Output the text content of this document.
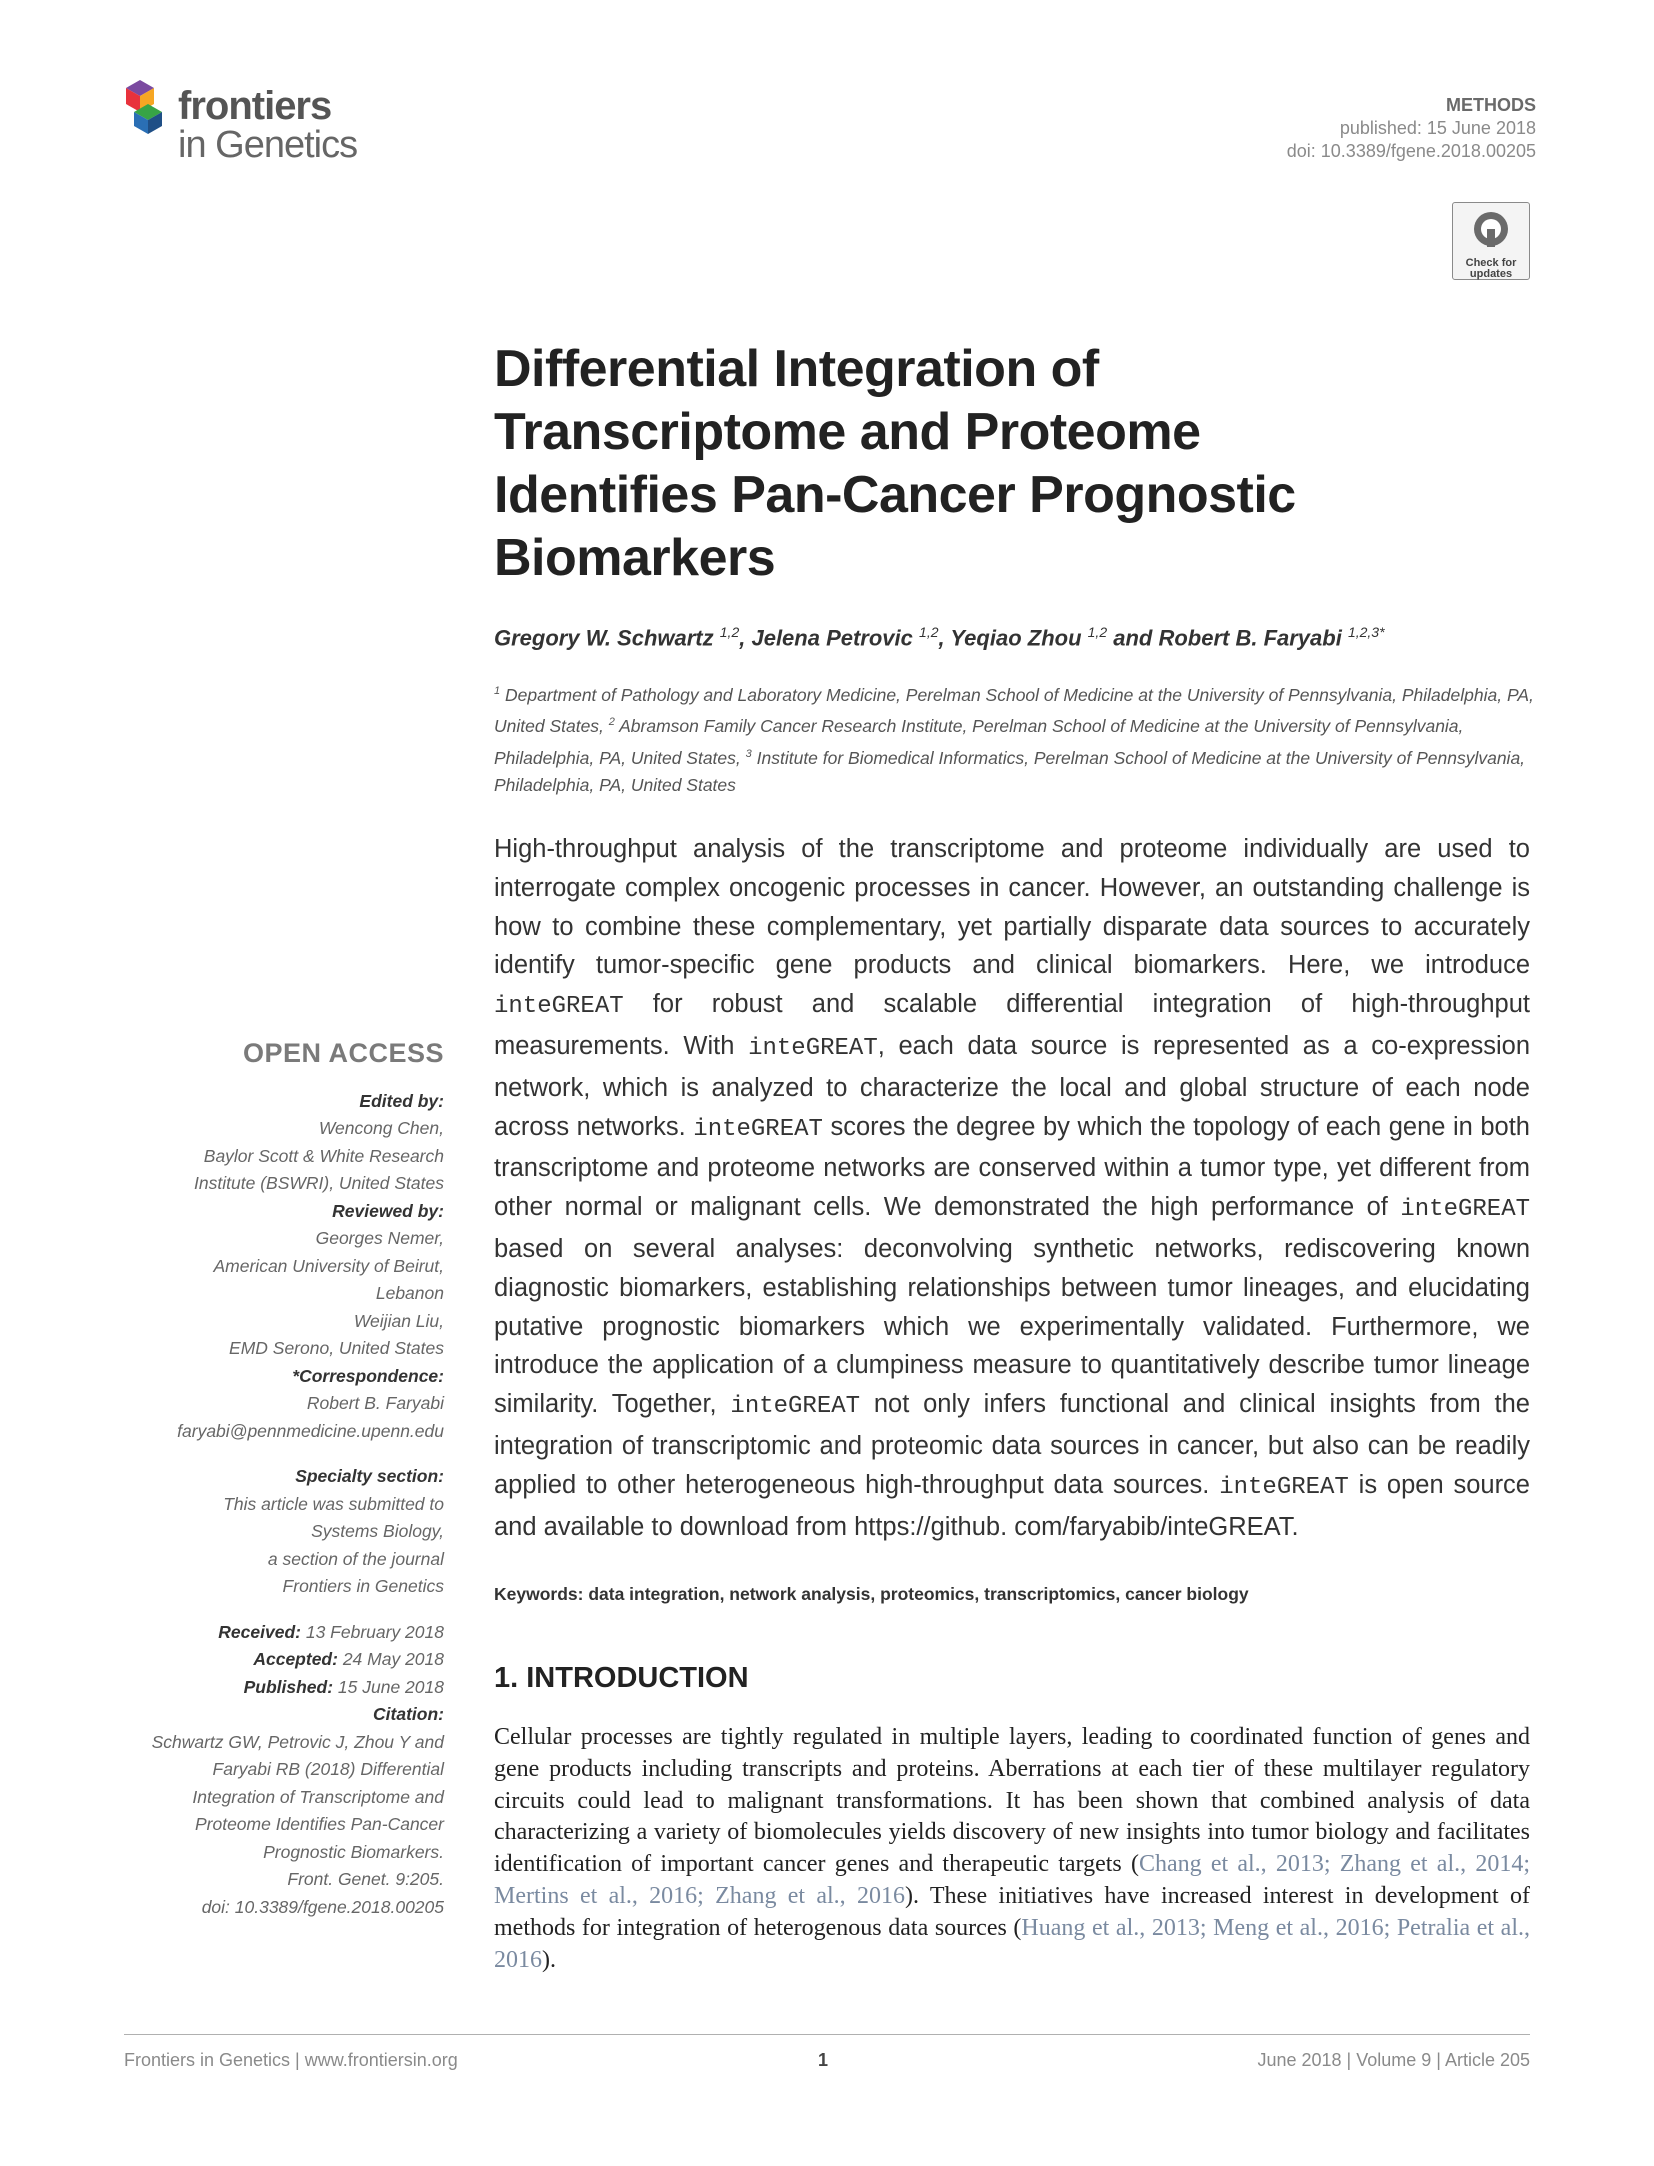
frontiers
in Genetics
METHODS
published: 15 June 2018
doi: 10.3389/fgene.2018.00205
Check for
updates
Differential Integration of
Transcriptome and Proteome
Identifies Pan-Cancer Prognostic
Biomarkers
Gregory W. Schwartz $^{1,2}$, Jelena Petrovic $^{1,2}$, Yeqiao Zhou $^{1,2}$ and Robert B. Faryabi $^{1,2,3*}$
$^1$ Department of Pathology and Laboratory Medicine, Perelman School of Medicine at the University of Pennsylvania, Philadelphia, PA, United States, $^2$ Abramson Family Cancer Research Institute, Perelman School of Medicine at the University of Pennsylvania, Philadelphia, PA, United States, $^3$ Institute for Biomedical Informatics, Perelman School of Medicine at the University of Pennsylvania, Philadelphia, PA, United States

High-throughput analysis of the transcriptome and proteome individually are used to interrogate complex oncogenic processes in cancer. However, an outstanding challenge is how to combine these complementary, yet partially disparate data sources to accurately identify tumor-specific gene products and clinical biomarkers. Here, we introduce inteGREAT for robust and scalable differential integration of high-throughput measurements. With inteGREAT, each data source is represented as a co-expression network, which is analyzed to characterize the local and global structure of each node across networks. inteGREAT scores the degree by which the topology of each gene in both transcriptome and proteome networks are conserved within a tumor type, yet different from other normal or malignant cells. We demonstrated the high performance of inteGREAT based on several analyses: deconvolving synthetic networks, rediscovering known diagnostic biomarkers, establishing relationships between tumor lineages, and elucidating putative prognostic biomarkers which we experimentally validated. Furthermore, we introduce the application of a clumpiness measure to quantitatively describe tumor lineage similarity. Together, inteGREAT not only infers functional and clinical insights from the integration of transcriptomic and proteomic data sources in cancer, but also can be readily applied to other heterogeneous high-throughput data sources. inteGREAT is open source and available to download from https://github. com/faryabib/inteGREAT.

Keywords: data integration, network analysis, proteomics, transcriptomics, cancer biology
1. INTRODUCTION
Cellular processes are tightly regulated in multiple layers, leading to coordinated function of genes and gene products including transcripts and proteins. Aberrations at each tier of these multilayer regulatory circuits could lead to malignant transformations. It has been shown that combined analysis of data characterizing a variety of biomolecules yields discovery of new insights into tumor biology and facilitates identification of important cancer genes and therapeutic targets (Chang et al., 2013; Zhang et al., 2014; Mertins et al., 2016; Zhang et al., 2016). These initiatives have increased interest in development of methods for integration of heterogenous data sources (Huang et al., 2013; Meng et al., 2016; Petralia et al., 2016).
OPEN ACCESS
Edited by:
Wencong Chen,
Baylor Scott & White Research
Institute (BSWRI), United States
Reviewed by:
Georges Nemer,
American University of Beirut,
Lebanon
Weijian Liu,
EMD Serono, United States
*Correspondence:
Robert B. Faryabi
faryabi@pennmedicine.upenn.edu
Specialty section:
This article was submitted to
Systems Biology,
a section of the journal
Frontiers in Genetics
Received: 13 February 2018
Accepted: 24 May 2018
Published: 15 June 2018
Citation:
Schwartz GW, Petrovic J, Zhou Y and
Faryabi RB (2018) Differential
Integration of Transcriptome and
Proteome Identifies Pan-Cancer
Prognostic Biomarkers.
Front. Genet. 9:205.
doi: 10.3389/fgene.2018.00205
Frontiers in Genetics | www.frontiersin.org	1	June 2018 | Volume 9 | Article 205
